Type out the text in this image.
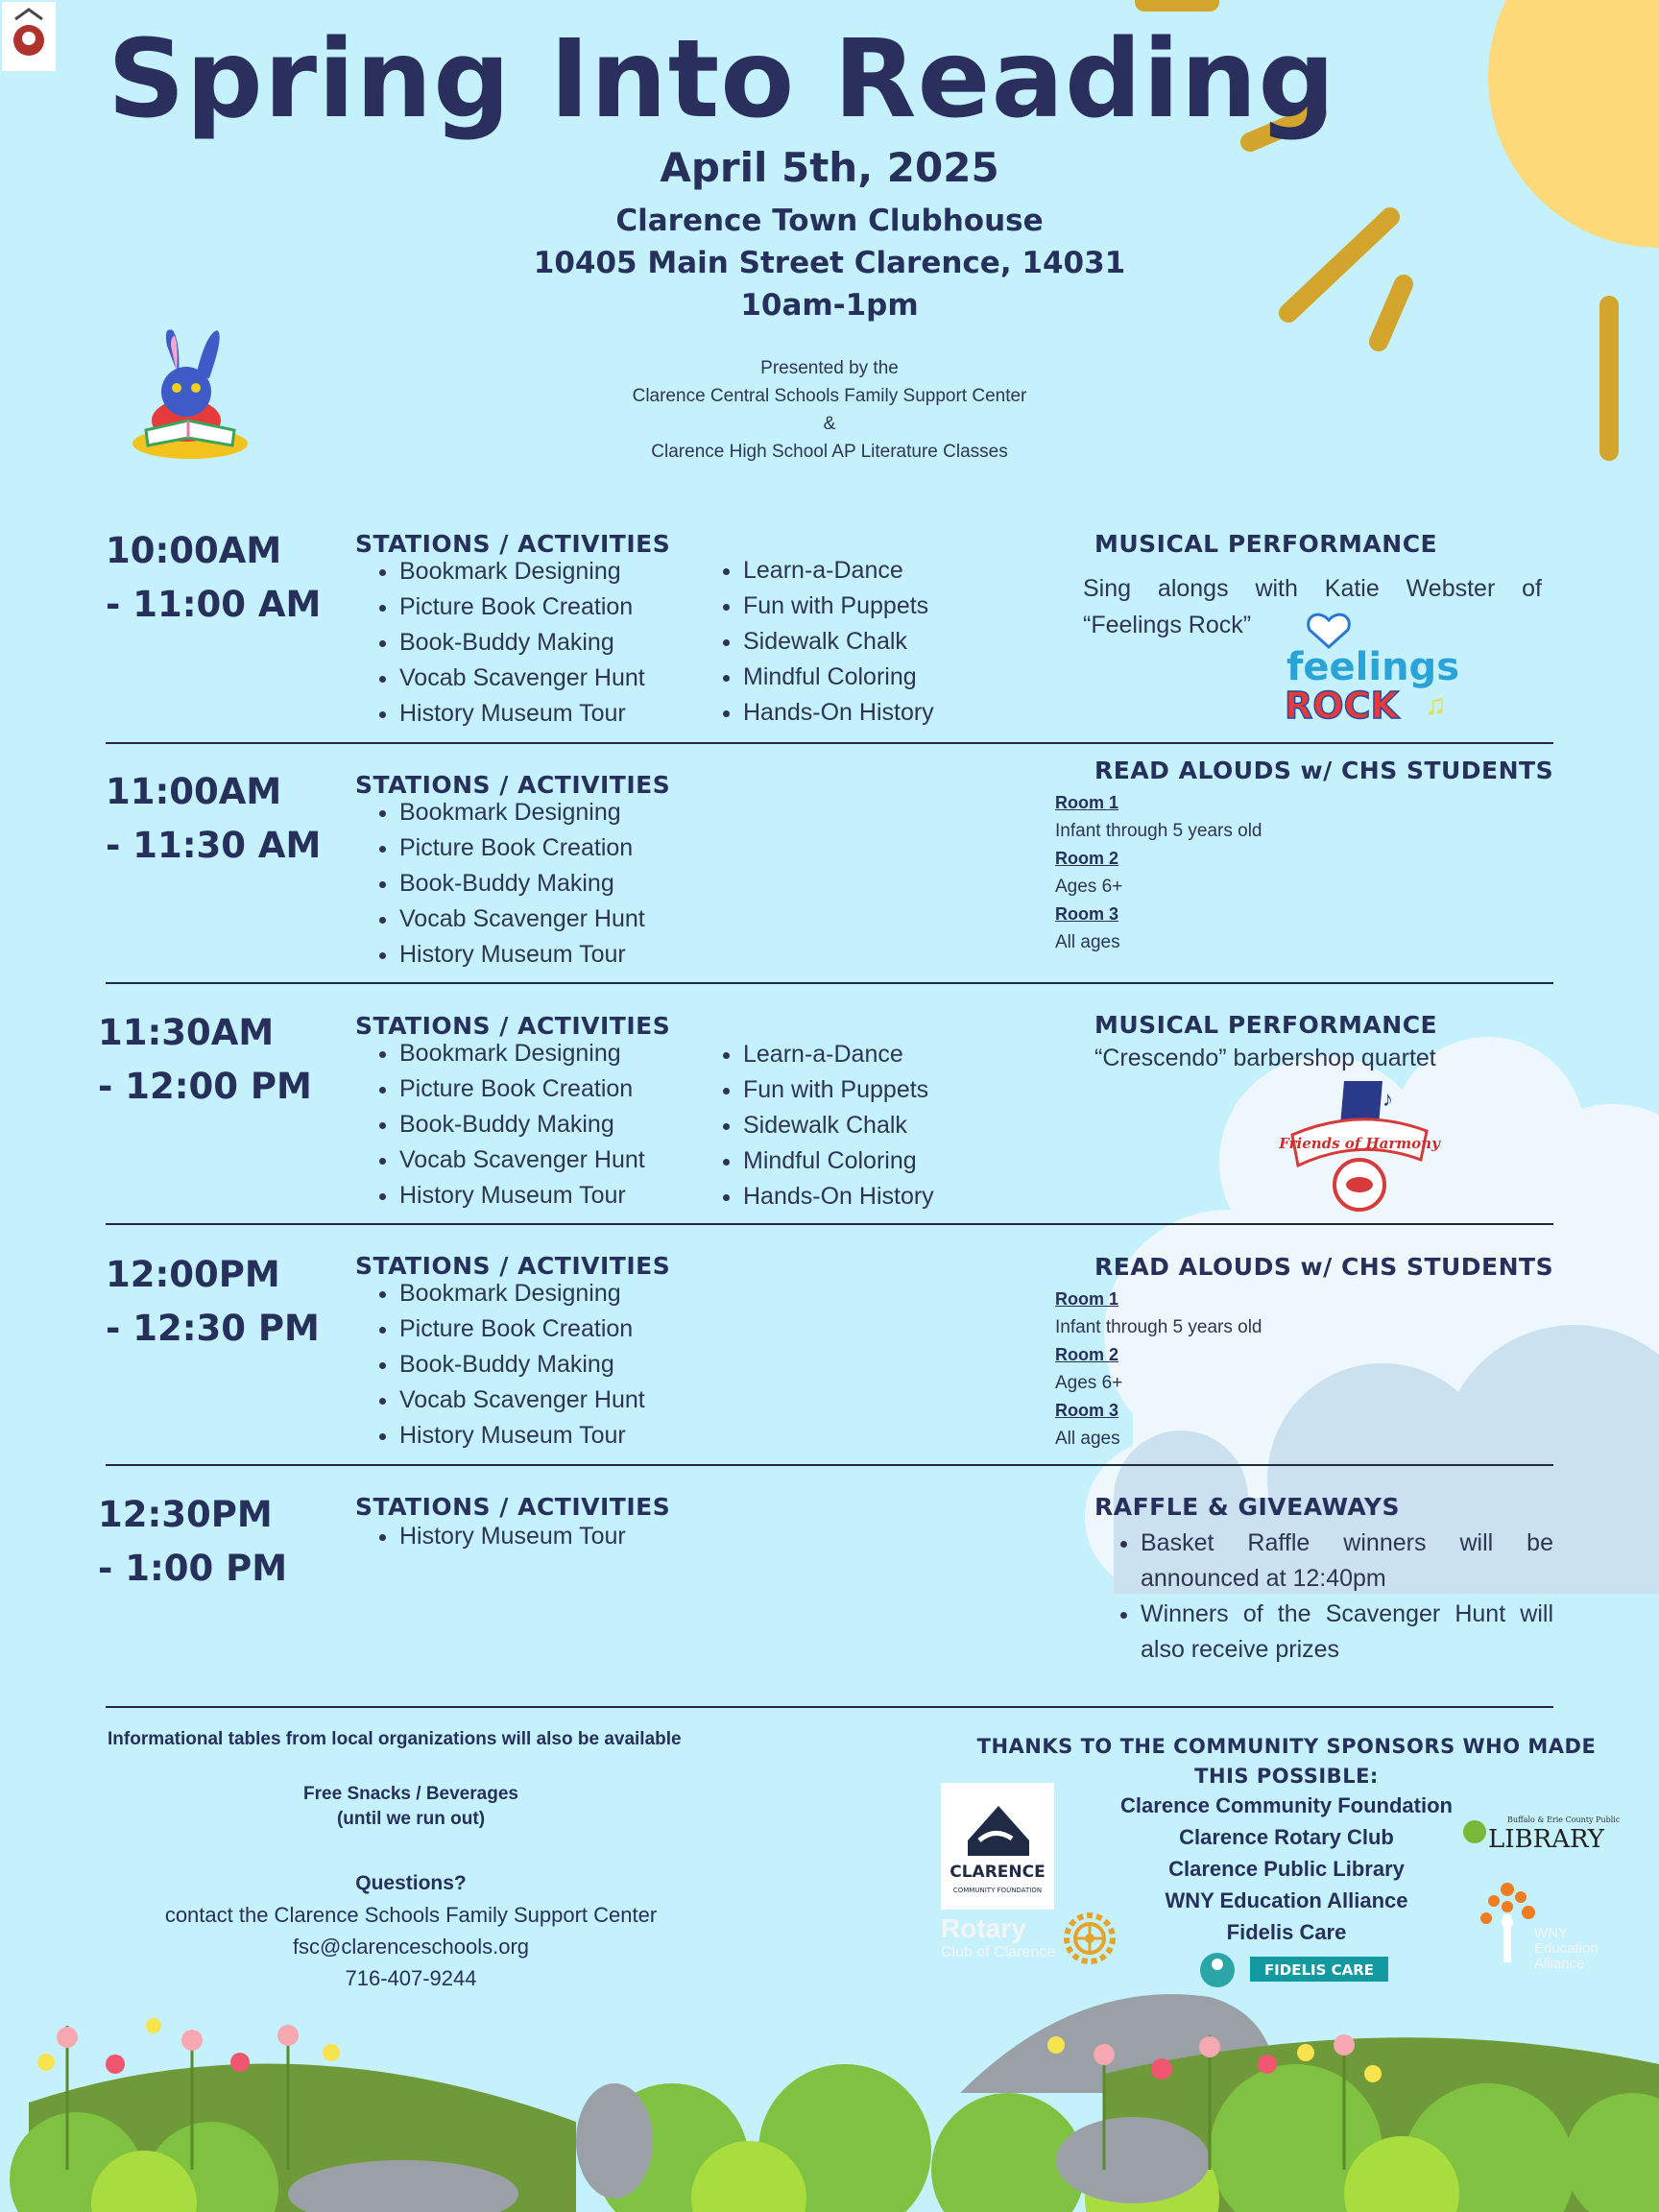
Spring Into Reading
April 5th, 2025
Clarence Town Clubhouse
10405 Main Street Clarence, 14031
10am-1pm
Presented by the
Clarence Central Schools Family Support Center
&
Clarence High School AP Literature Classes
10:00AM
- 11:00 AM
STATIONS / ACTIVITIES
• Bookmark Designing
• Picture Book Creation
• Book-Buddy Making
• Vocab Scavenger Hunt
• History Museum Tour
• Learn-a-Dance
• Fun with Puppets
• Sidewalk Chalk
• Mindful Coloring
• Hands-On History
MUSICAL PERFORMANCE
Sing alongs with Katie Webster of “Feelings Rock”
feelings
ROCK ♫
11:00AM
- 11:30 AM
STATIONS / ACTIVITIES
• Bookmark Designing
• Picture Book Creation
• Book-Buddy Making
• Vocab Scavenger Hunt
• History Museum Tour
READ ALOUDS w/ CHS STUDENTS
Room 1
Infant through 5 years old
Room 2
Ages 6+
Room 3
All ages
11:30AM
- 12:00 PM
STATIONS / ACTIVITIES
• Bookmark Designing
• Picture Book Creation
• Book-Buddy Making
• Vocab Scavenger Hunt
• History Museum Tour
• Learn-a-Dance
• Fun with Puppets
• Sidewalk Chalk
• Mindful Coloring
• Hands-On History
MUSICAL PERFORMANCE
“Crescendo” barbershop quartet
♪
Friends of Harmony
12:00PM
- 12:30 PM
STATIONS / ACTIVITIES
• Bookmark Designing
• Picture Book Creation
• Book-Buddy Making
• Vocab Scavenger Hunt
• History Museum Tour
READ ALOUDS w/ CHS STUDENTS
Room 1
Infant through 5 years old
Room 2
Ages 6+
Room 3
All ages
12:30PM
- 1:00 PM
STATIONS / ACTIVITIES
• History Museum Tour
RAFFLE & GIVEAWAYS
• Basket Raffle winners will be announced at 12:40pm
• Winners of the Scavenger Hunt will also receive prizes
Informational tables from local organizations will also be available
Free Snacks / Beverages
(until we run out)
Questions?
contact the Clarence Schools Family Support Center
fsc@clarenceschools.org
716-407-9244
THANKS TO THE COMMUNITY SPONSORS WHO MADE THIS POSSIBLE:
Clarence Community Foundation
Clarence Rotary Club
Clarence Public Library
WNY Education Alliance
Fidelis Care
CLARENCE
COMMUNITY FOUNDATION
Rotary
Club of Clarence
Buffalo & Erie County Public
LIBRARY
FIDELIS CARE
WNY
Education
Alliance
